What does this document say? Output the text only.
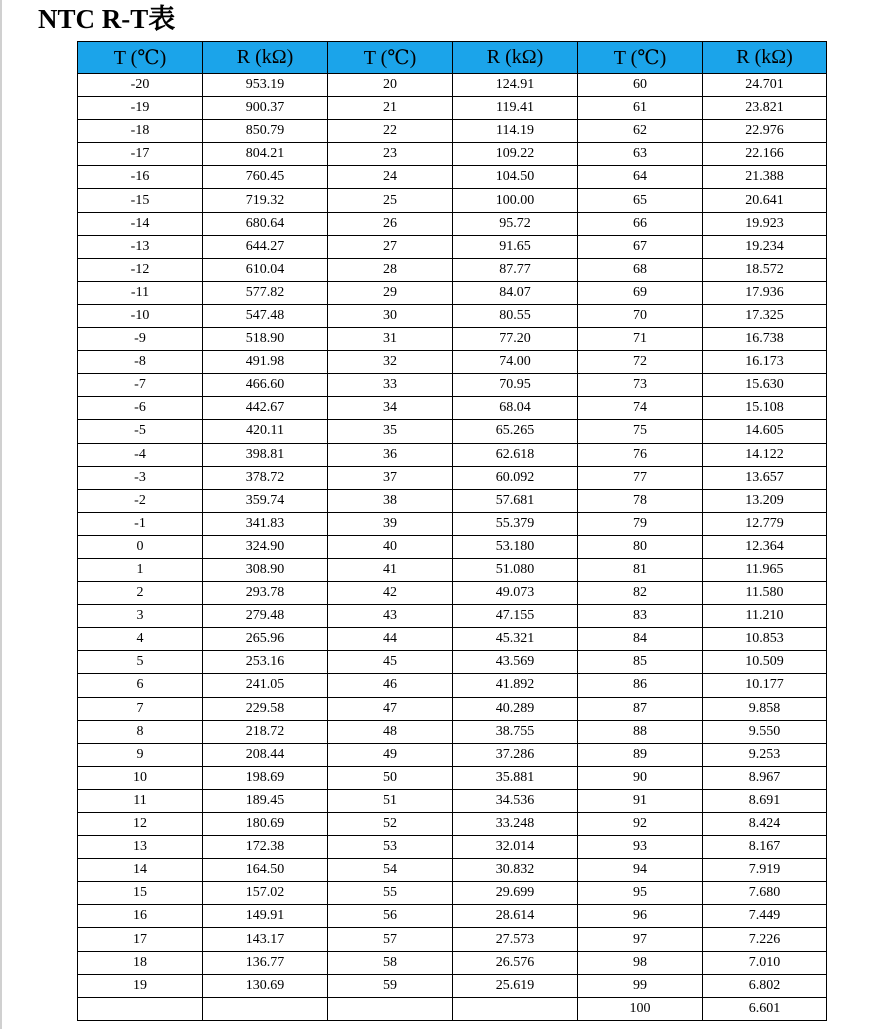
NTC R-T表
T (℃)	R (kΩ)	T (℃)	R (kΩ)	T (℃)	R (kΩ)
-20	953.19	20	124.91	60	24.701
-19	900.37	21	119.41	61	23.821
-18	850.79	22	114.19	62	22.976
-17	804.21	23	109.22	63	22.166
-16	760.45	24	104.50	64	21.388
-15	719.32	25	100.00	65	20.641
-14	680.64	26	95.72	66	19.923
-13	644.27	27	91.65	67	19.234
-12	610.04	28	87.77	68	18.572
-11	577.82	29	84.07	69	17.936
-10	547.48	30	80.55	70	17.325
-9	518.90	31	77.20	71	16.738
-8	491.98	32	74.00	72	16.173
-7	466.60	33	70.95	73	15.630
-6	442.67	34	68.04	74	15.108
-5	420.11	35	65.265	75	14.605
-4	398.81	36	62.618	76	14.122
-3	378.72	37	60.092	77	13.657
-2	359.74	38	57.681	78	13.209
-1	341.83	39	55.379	79	12.779
0	324.90	40	53.180	80	12.364
1	308.90	41	51.080	81	11.965
2	293.78	42	49.073	82	11.580
3	279.48	43	47.155	83	11.210
4	265.96	44	45.321	84	10.853
5	253.16	45	43.569	85	10.509
6	241.05	46	41.892	86	10.177
7	229.58	47	40.289	87	9.858
8	218.72	48	38.755	88	9.550
9	208.44	49	37.286	89	9.253
10	198.69	50	35.881	90	8.967
11	189.45	51	34.536	91	8.691
12	180.69	52	33.248	92	8.424
13	172.38	53	32.014	93	8.167
14	164.50	54	30.832	94	7.919
15	157.02	55	29.699	95	7.680
16	149.91	56	28.614	96	7.449
17	143.17	57	27.573	97	7.226
18	136.77	58	26.576	98	7.010
19	130.69	59	25.619	99	6.802
				100	6.601
